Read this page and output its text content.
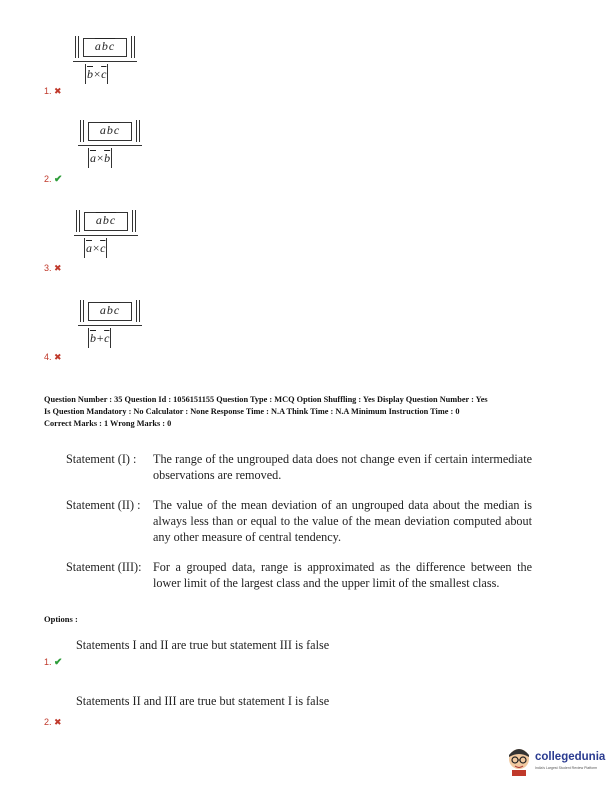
$\overline{abc}$
$\overline{b}\times\overline{c}$
1. ✖
$\overline{abc}$
$\overline{a}\times\overline{b}$
2. ✔
$\overline{abc}$
$\overline{a}\times\overline{c}$
3. ✖
$\overline{abc}$
$\overline{b}+\overline{c}$
4. ✖
Question Number : 35 Question Id : 1056151155 Question Type : MCQ Option Shuffling : Yes Display Question Number : Yes
Is Question Mandatory : No Calculator : None Response Time : N.A Think Time : N.A Minimum Instruction Time : 0
Correct Marks : 1 Wrong Marks : 0
Statement (I) : The range of the ungrouped data does not change even if certain intermediate observations are removed.
Statement (II) : The value of the mean deviation of an ungrouped data about the median is always less than or equal to the value of the mean deviation computed about any other measure of central tendency.
Statement (III): For a grouped data, range is approximated as the difference between the lower limit of the largest class and the upper limit of the smallest class.
Options :
Statements I and II are true but statement III is false
1. ✔
Statements II and III are true but statement I is false
2. ✖
collegedunia
India's Largest Student Review Platform
